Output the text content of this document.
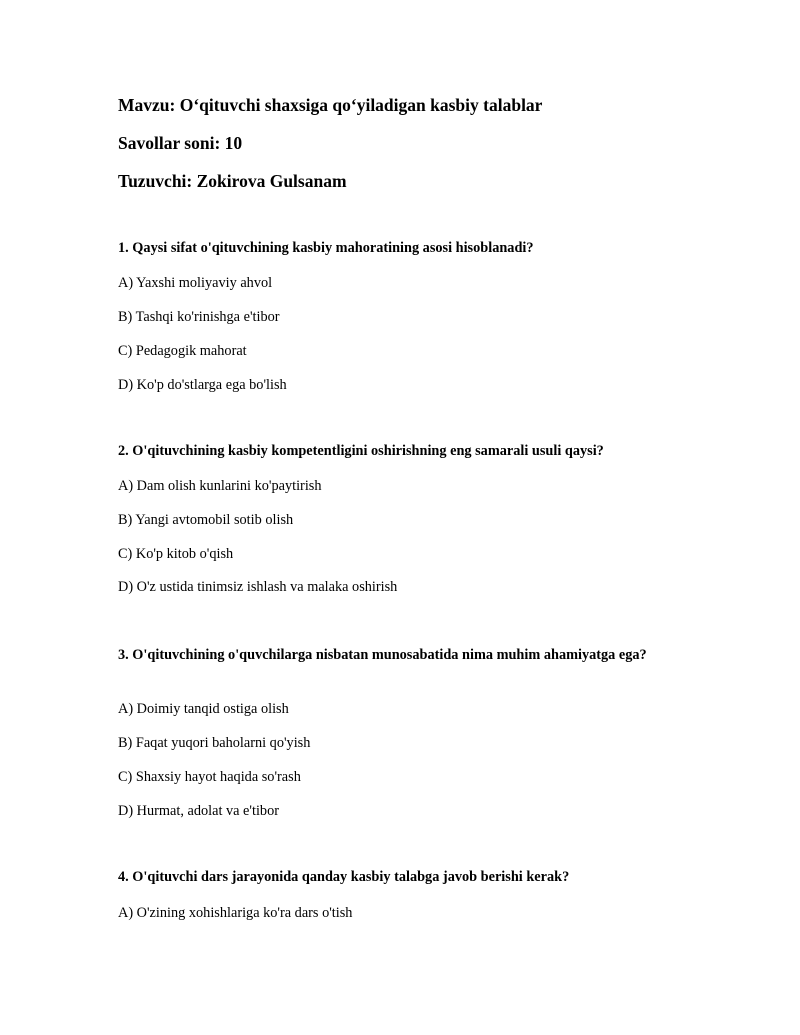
Mavzu: O‘qituvchi shaxsiga qo‘yiladigan kasbiy talablar
Savollar soni: 10
Tuzuvchi: Zokirova Gulsanam
1. Qaysi sifat o'qituvchining kasbiy mahoratining asosi hisoblanadi?
A) Yaxshi moliyaviy ahvol
B) Tashqi ko'rinishga e'tibor
C) Pedagogik mahorat
D) Ko'p do'stlarga ega bo'lish
2. O'qituvchining kasbiy kompetentligini oshirishning eng samarali usuli qaysi?
A) Dam olish kunlarini ko'paytirish
B) Yangi avtomobil sotib olish
C) Ko'p kitob o'qish
D) O'z ustida tinimsiz ishlash va malaka oshirish
3. O'qituvchining o'quvchilarga nisbatan munosabatida nima muhim ahamiyatga ega?
A) Doimiy tanqid ostiga olish
B) Faqat yuqori baholarni qo'yish
C) Shaxsiy hayot haqida so'rash
D) Hurmat, adolat va e'tibor
4. O'qituvchi dars jarayonida qanday kasbiy talabga javob berishi kerak?
A) O'zining xohishlariga ko'ra dars o'tish
